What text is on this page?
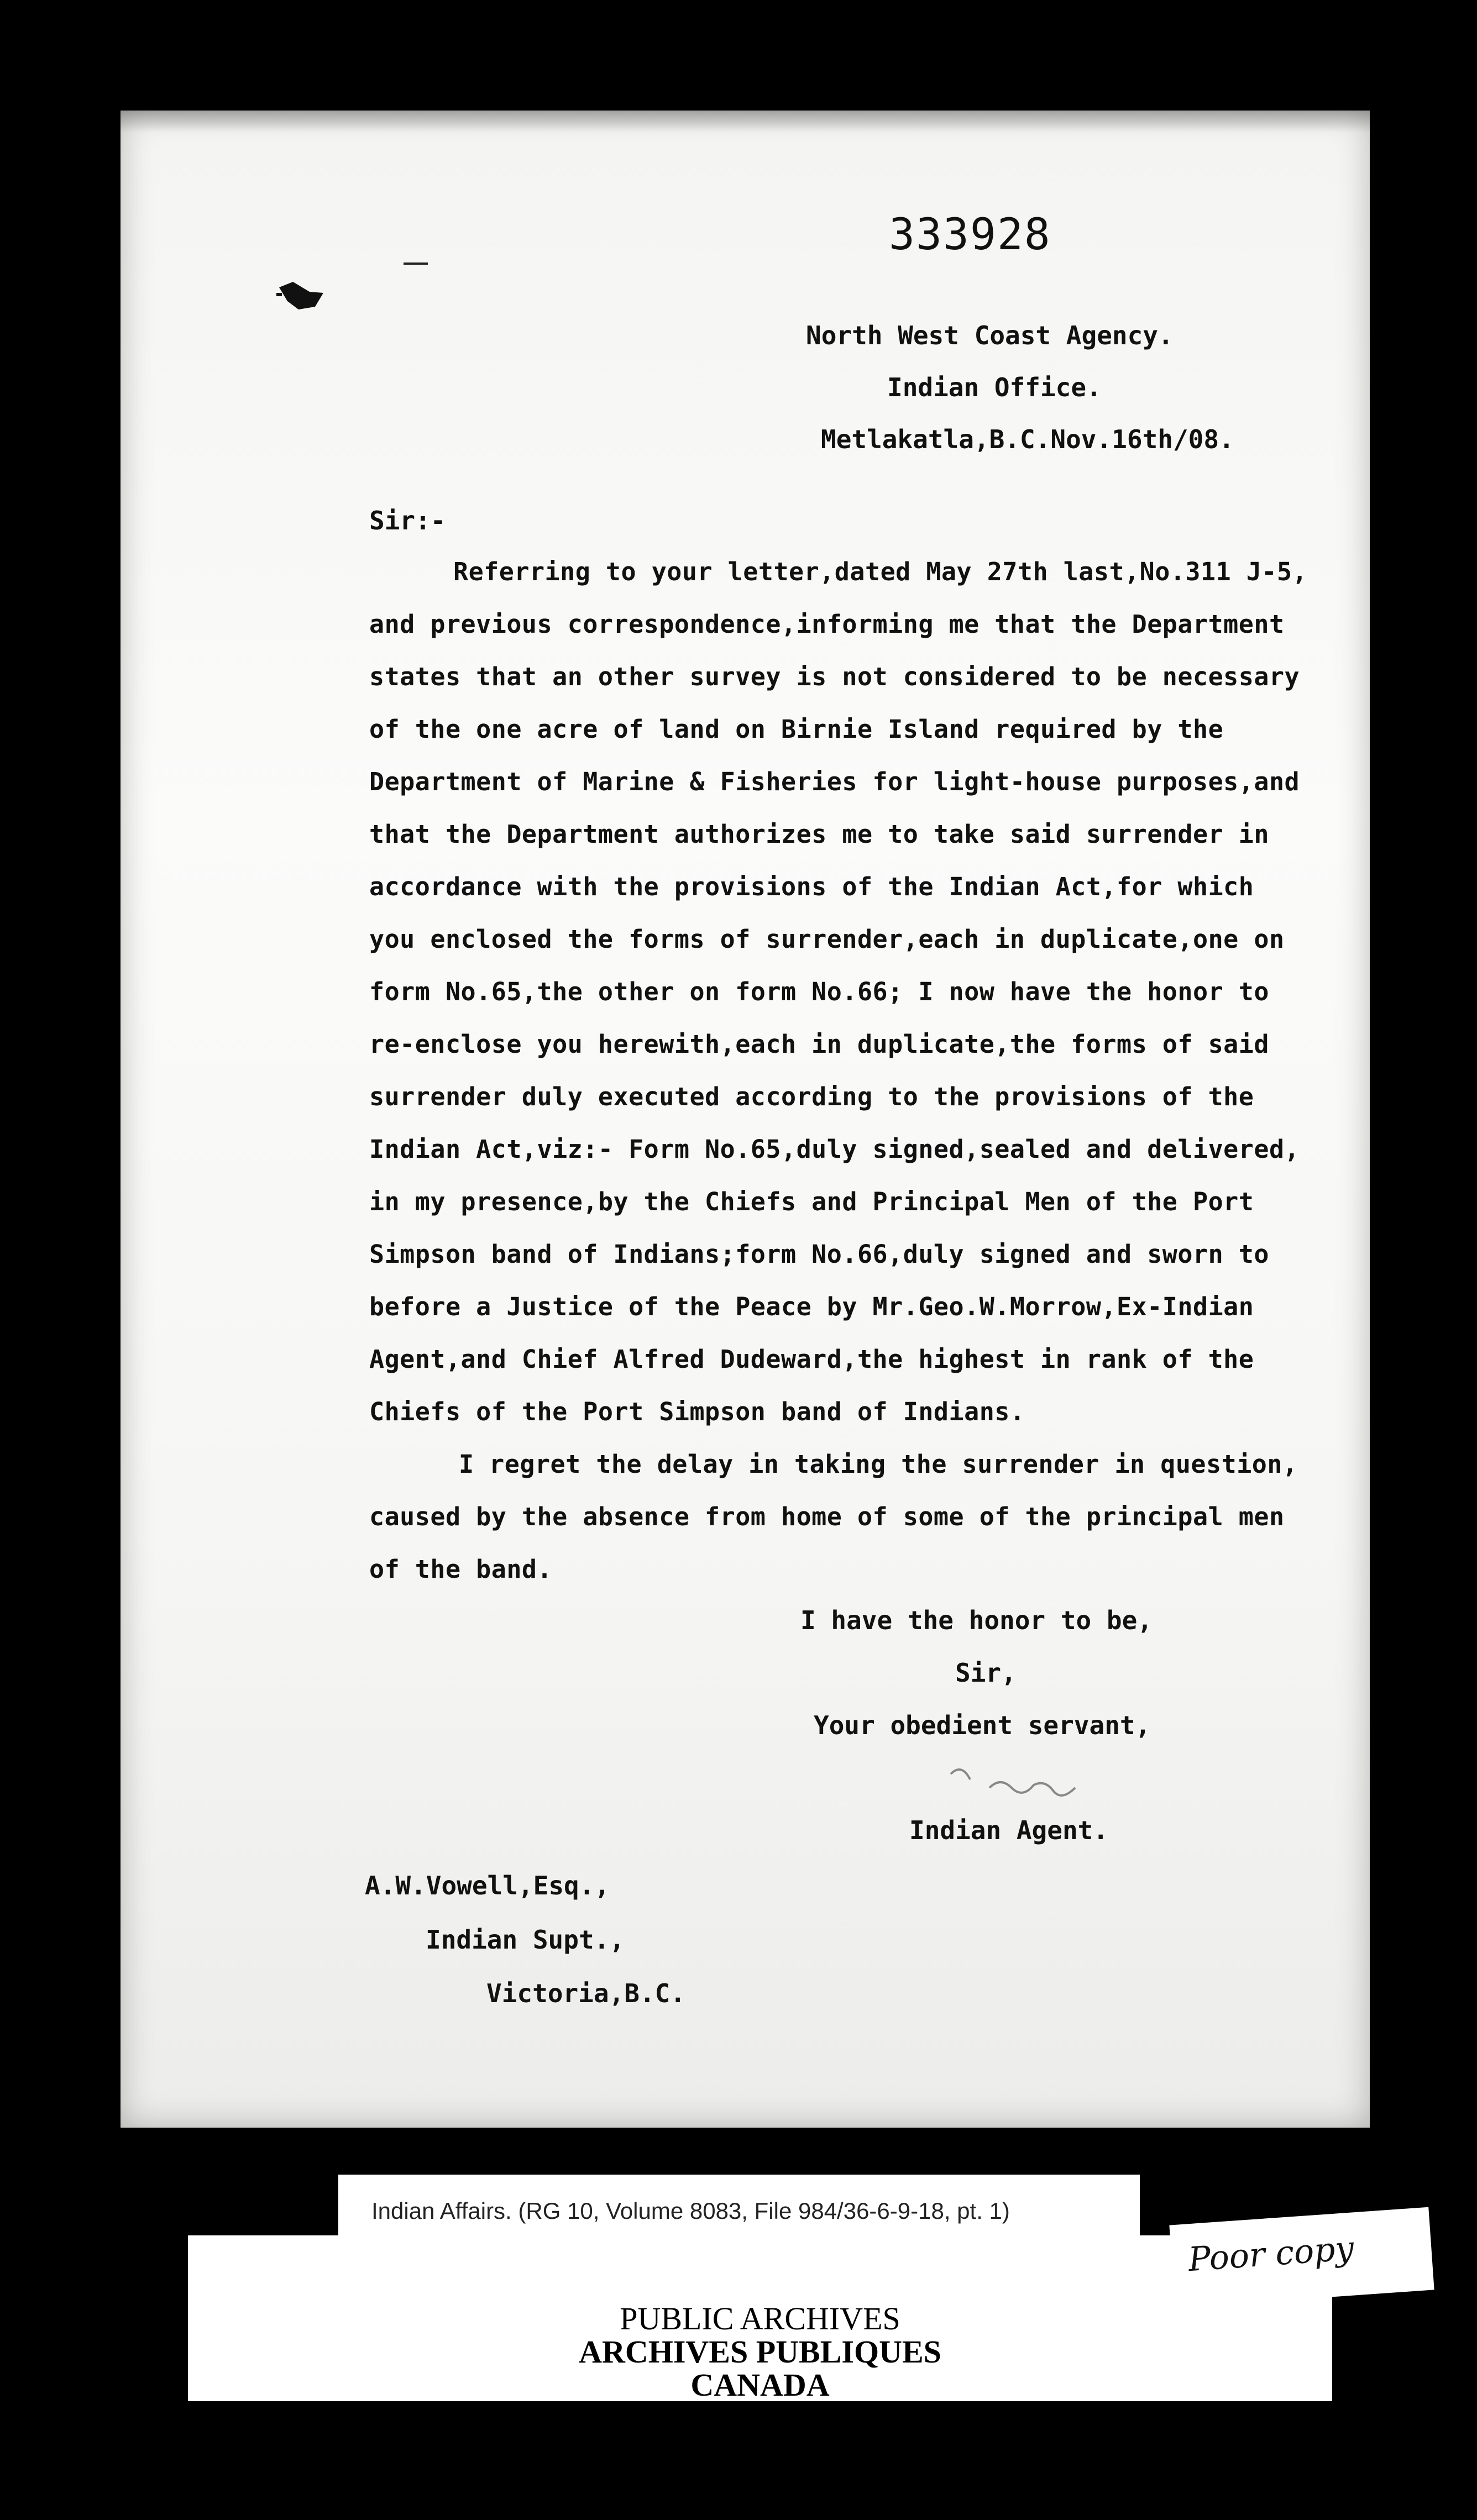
333928
North West Coast Agency.
Indian Office.
Metlakatla,B.C.Nov.16th/08.
Sir:-
Referring to your letter,dated May 27th last,No.311 J-5,
and previous correspondence,informing me that the Department
states that an other survey is not considered to be necessary
of the one acre of land on Birnie Island required by the
Department of Marine & Fisheries for light-house purposes,and
that the Department authorizes me to take said surrender in
accordance with the provisions of the Indian Act,for which
you enclosed the forms of surrender,each in duplicate,one on
form No.65,the other on form No.66; I now have the honor to
re-enclose you herewith,each in duplicate,the forms of said
surrender duly executed according to the provisions of the
Indian Act,viz:- Form No.65,duly signed,sealed and delivered,
in my presence,by the Chiefs and Principal Men of the Port
Simpson band of Indians;form No.66,duly signed and sworn to
before a Justice of the Peace by Mr.Geo.W.Morrow,Ex-Indian
Agent,and Chief Alfred Dudeward,the highest in rank of the
Chiefs of the Port Simpson band of Indians.
I regret the delay in taking the surrender in question,
caused by the absence from home of some of the principal men
of the band.
I have the honor to be,
Sir,
Your obedient servant,
Indian Agent.
A.W.Vowell,Esq.,
Indian Supt.,
Victoria,B.C.
Indian Affairs. (RG 10, Volume 8083, File 984/36-6-9-18, pt. 1)
PUBLIC ARCHIVES
ARCHIVES PUBLIQUES
CANADA
Poor copy
